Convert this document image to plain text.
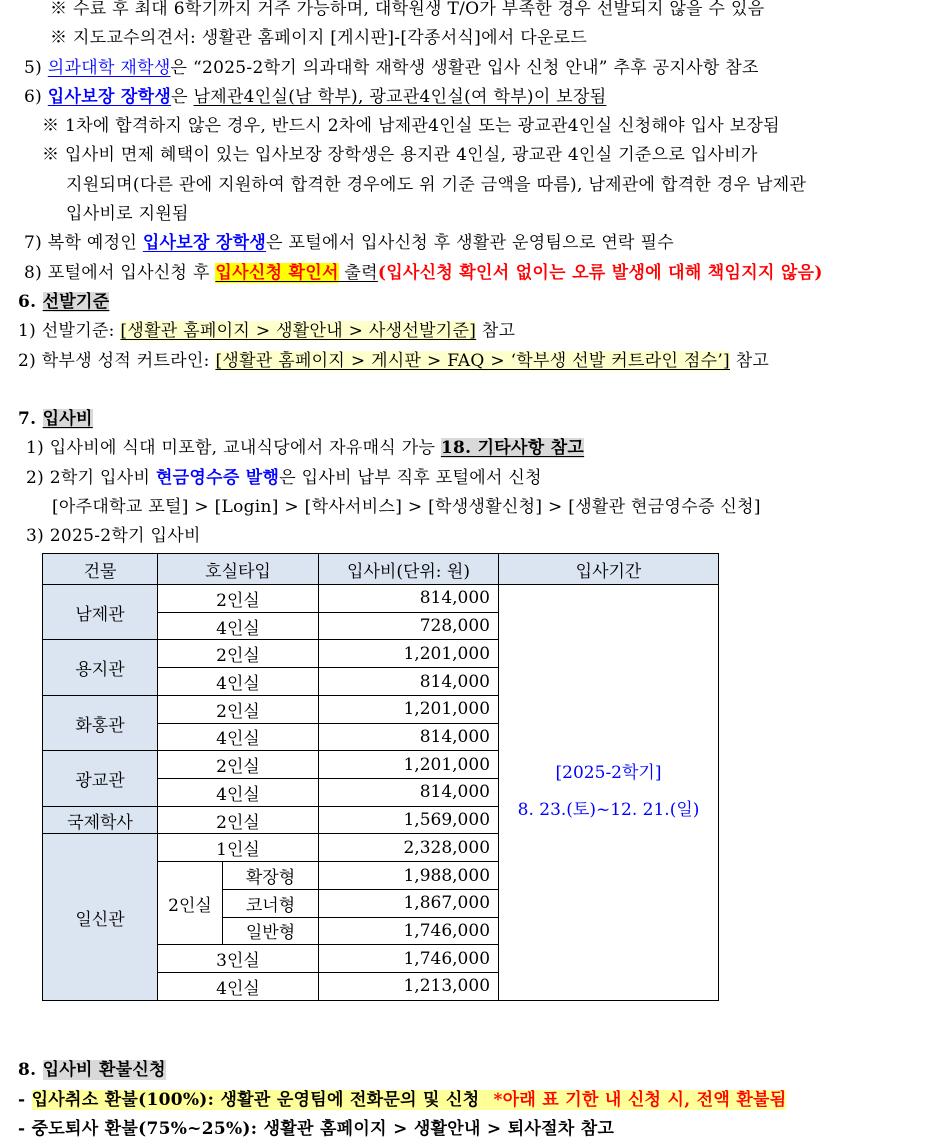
※ 수료 후 최대 6학기까지 거주 가능하며, 대학원생 T/O가 부족한 경우 선발되지 않을 수 있음
※ 지도교수의견서: 생활관 홈페이지 [게시판]-[각종서식]에서 다운로드
5) 의과대학 재학생은 “2025-2학기 의과대학 재학생 생활관 입사 신청 안내” 추후 공지사항 참조
6) 입사보장 장학생은 남제관4인실(남 학부), 광교관4인실(여 학부)이 보장됨
※ 1차에 합격하지 않은 경우, 반드시 2차에 남제관4인실 또는 광교관4인실 신청해야 입사 보장됨
※ 입사비 면제 혜택이 있는 입사보장 장학생은 용지관 4인실, 광교관 4인실 기준으로 입사비가
지원되며(다른 관에 지원하여 합격한 경우에도 위 기준 금액을 따름), 남제관에 합격한 경우 남제관
입사비로 지원됨
7) 복학 예정인 입사보장 장학생은 포털에서 입사신청 후 생활관 운영팀으로 연락 필수
8) 포털에서 입사신청 후 입사신청 확인서 출력(입사신청 확인서 없이는 오류 발생에 대해 책임지지 않음)
6. 선발기준
1) 선발기준: [생활관 홈페이지 > 생활안내 > 사생선발기준] 참고
2) 학부생 성적 커트라인: [생활관 홈페이지 > 게시판 > FAQ > ‘학부생 선발 커트라인 점수’] 참고
7. 입사비
1) 입사비에 식대 미포함, 교내식당에서 자유매식 가능 18. 기타사항 참고
2) 2학기 입사비 현금영수증 발행은 입사비 납부 직후 포털에서 신청
[아주대학교 포털] > [Login] > [학사서비스] > [학생생활신청] > [생활관 현금영수증 신청]
3) 2025-2학기 입사비
건물	호실타입		입사비(단위: 원)	입사기간
남제관	2인실		814,000	[2025-2학기]
8. 23.(토)~12. 21.(일)

	4인실		728,000	
용지관	2인실		1,201,000	
	4인실		814,000	
화홍관	2인실		1,201,000	
	4인실		814,000	
광교관	2인실		1,201,000	
	4인실		814,000	
국제학사	2인실		1,569,000	
일신관	1인실		2,328,000	
	2인실	확장형	1,988,000	
		코너형	1,867,000	
		일반형	1,746,000	
	3인실		1,746,000	
	4인실		1,213,000	
8. 입사비 환불신청
- 입사취소 환불(100%): 생활관 운영팀에 전화문의 및 신청 *아래 표 기한 내 신청 시, 전액 환불됨
- 중도퇴사 환불(75%~25%): 생활관 홈페이지 > 생활안내 > 퇴사절차 참고
